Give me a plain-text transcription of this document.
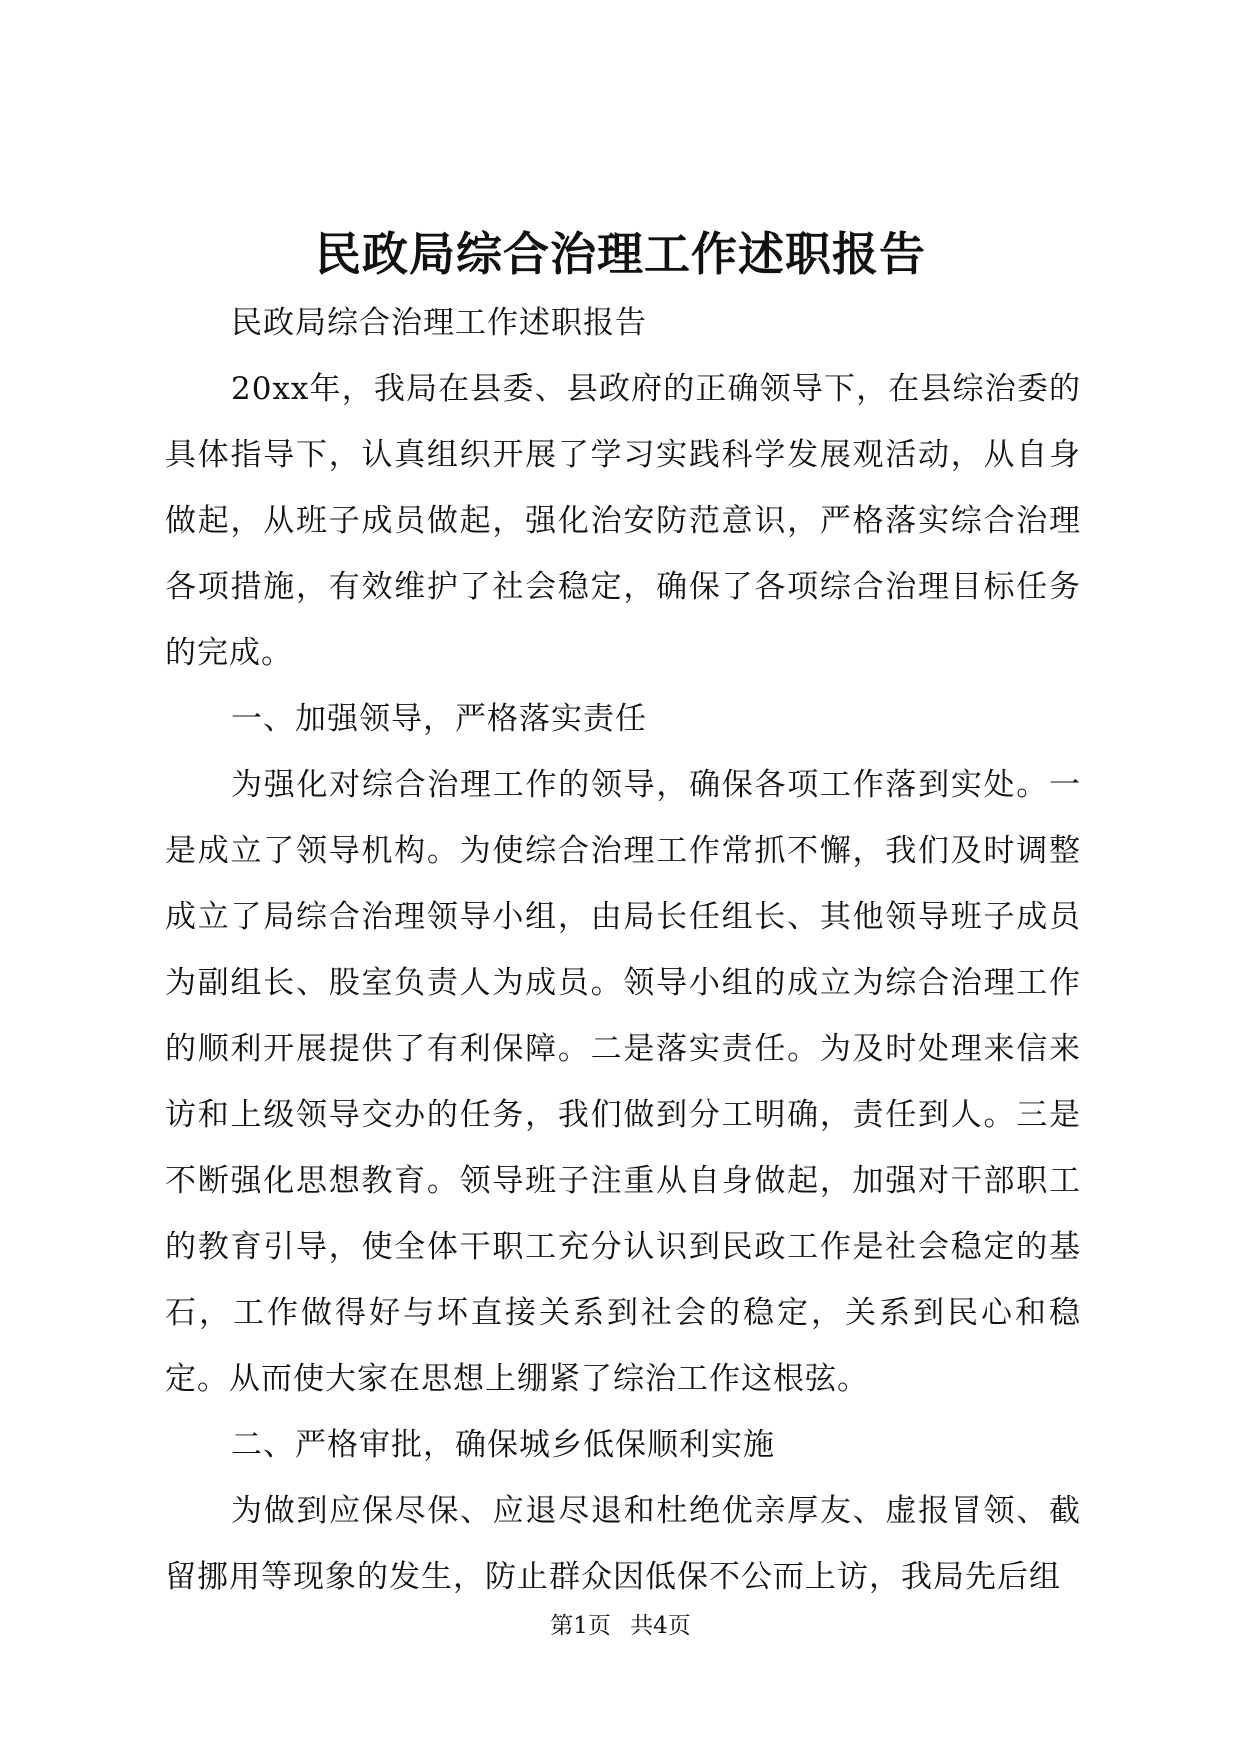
民政局综合治理工作述职报告

民政局综合治理工作述职报告

20xx年，我局在县委、县政府的正确领导下，在县综治委的具体指导下，认真组织开展了学习实践科学发展观活动，从自身做起，从班子成员做起，强化治安防范意识，严格落实综合治理各项措施，有效维护了社会稳定，确保了各项综合治理目标任务的完成。

一、加强领导，严格落实责任

为强化对综合治理工作的领导，确保各项工作落到实处。一是成立了领导机构。为使综合治理工作常抓不懈，我们及时调整成立了局综合治理领导小组，由局长任组长、其他领导班子成员为副组长、股室负责人为成员。领导小组的成立为综合治理工作的顺利开展提供了有利保障。二是落实责任。为及时处理来信来访和上级领导交办的任务，我们做到分工明确，责任到人。三是不断强化思想教育。领导班子注重从自身做起，加强对干部职工的教育引导，使全体干职工充分认识到民政工作是社会稳定的基石，工作做得好与坏直接关系到社会的稳定，关系到民心和稳定。从而使大家在思想上绷紧了综治工作这根弦。

二、严格审批，确保城乡低保顺利实施

为做到应保尽保、应退尽退和杜绝优亲厚友、虚报冒领、截留挪用等现象的发生，防止群众因低保不公而上访，我局先后组

第1页 共4页
